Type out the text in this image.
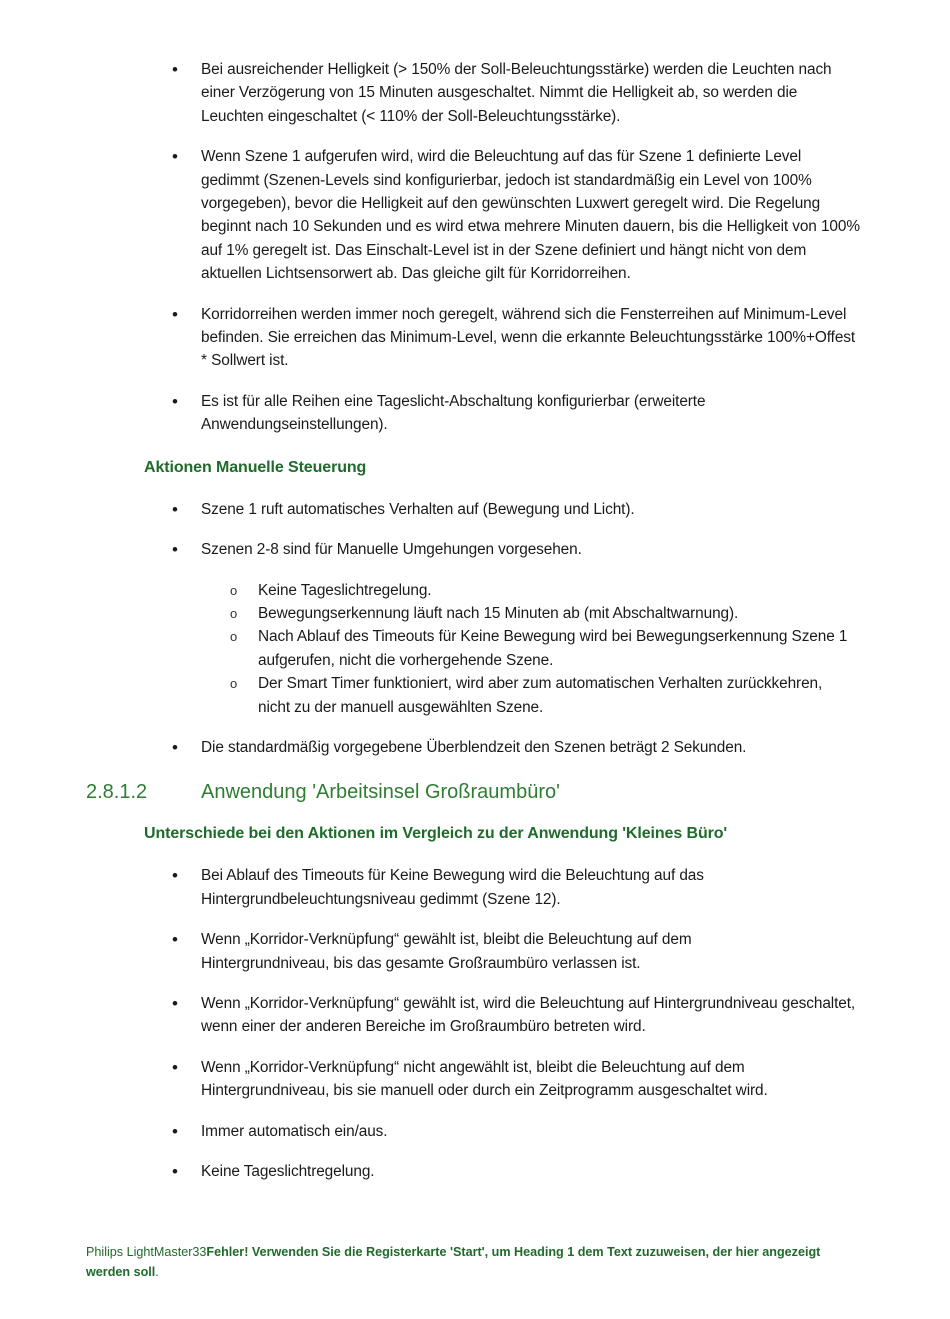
• Bei ausreichender Helligkeit (> 150% der Soll-Beleuchtungsstärke) werden die Leuchten nach einer Verzögerung von 15 Minuten ausgeschaltet. Nimmt die Helligkeit ab, so werden die Leuchten eingeschaltet (< 110% der Soll-Beleuchtungsstärke).
• Wenn Szene 1 aufgerufen wird, wird die Beleuchtung auf das für Szene 1 definierte Level gedimmt (Szenen-Levels sind konfigurierbar, jedoch ist standardmäßig ein Level von 100% vorgegeben), bevor die Helligkeit auf den gewünschten Luxwert geregelt wird. Die Regelung beginnt nach 10 Sekunden und es wird etwa mehrere Minuten dauern, bis die Helligkeit von 100% auf 1% geregelt ist. Das Einschalt-Level ist in der Szene definiert und hängt nicht von dem aktuellen Lichtsensorwert ab. Das gleiche gilt für Korridorreihen.
• Korridorreihen werden immer noch geregelt, während sich die Fensterreihen auf Minimum-Level befinden. Sie erreichen das Minimum-Level, wenn die erkannte Beleuchtungsstärke 100%+Offest * Sollwert ist.
• Es ist für alle Reihen eine Tageslicht-Abschaltung konfigurierbar (erweiterte Anwendungseinstellungen).
Aktionen Manuelle Steuerung
• Szene 1 ruft automatisches Verhalten auf (Bewegung und Licht).
• Szenen 2-8 sind für Manuelle Umgehungen vorgesehen.
o Keine Tageslichtregelung.
o Bewegungserkennung läuft nach 15 Minuten ab (mit Abschaltwarnung).
o Nach Ablauf des Timeouts für Keine Bewegung wird bei Bewegungserkennung Szene 1 aufgerufen, nicht die vorhergehende Szene.
o Der Smart Timer funktioniert, wird aber zum automatischen Verhalten zurückkehren, nicht zu der manuell ausgewählten Szene.
• Die standardmäßig vorgegebene Überblendzeit den Szenen beträgt 2 Sekunden.
2.8.1.2	Anwendung 'Arbeitsinsel Großraumbüro'
Unterschiede bei den Aktionen im Vergleich zu der Anwendung 'Kleines Büro'
• Bei Ablauf des Timeouts für Keine Bewegung wird die Beleuchtung auf das Hintergrundbeleuchtungsniveau gedimmt (Szene 12).
• Wenn „Korridor-Verknüpfung“ gewählt ist, bleibt die Beleuchtung auf dem Hintergrundniveau, bis das gesamte Großraumbüro verlassen ist.
• Wenn „Korridor-Verknüpfung“ gewählt ist, wird die Beleuchtung auf Hintergrundniveau geschaltet, wenn einer der anderen Bereiche im Großraumbüro betreten wird.
• Wenn „Korridor-Verknüpfung“ nicht angewählt ist, bleibt die Beleuchtung auf dem Hintergrundniveau, bis sie manuell oder durch ein Zeitprogramm ausgeschaltet wird.
• Immer automatisch ein/aus.
• Keine Tageslichtregelung.
Philips LightMaster33Fehler! Verwenden Sie die Registerkarte 'Start', um Heading 1 dem Text zuzuweisen, der hier angezeigt werden soll.
